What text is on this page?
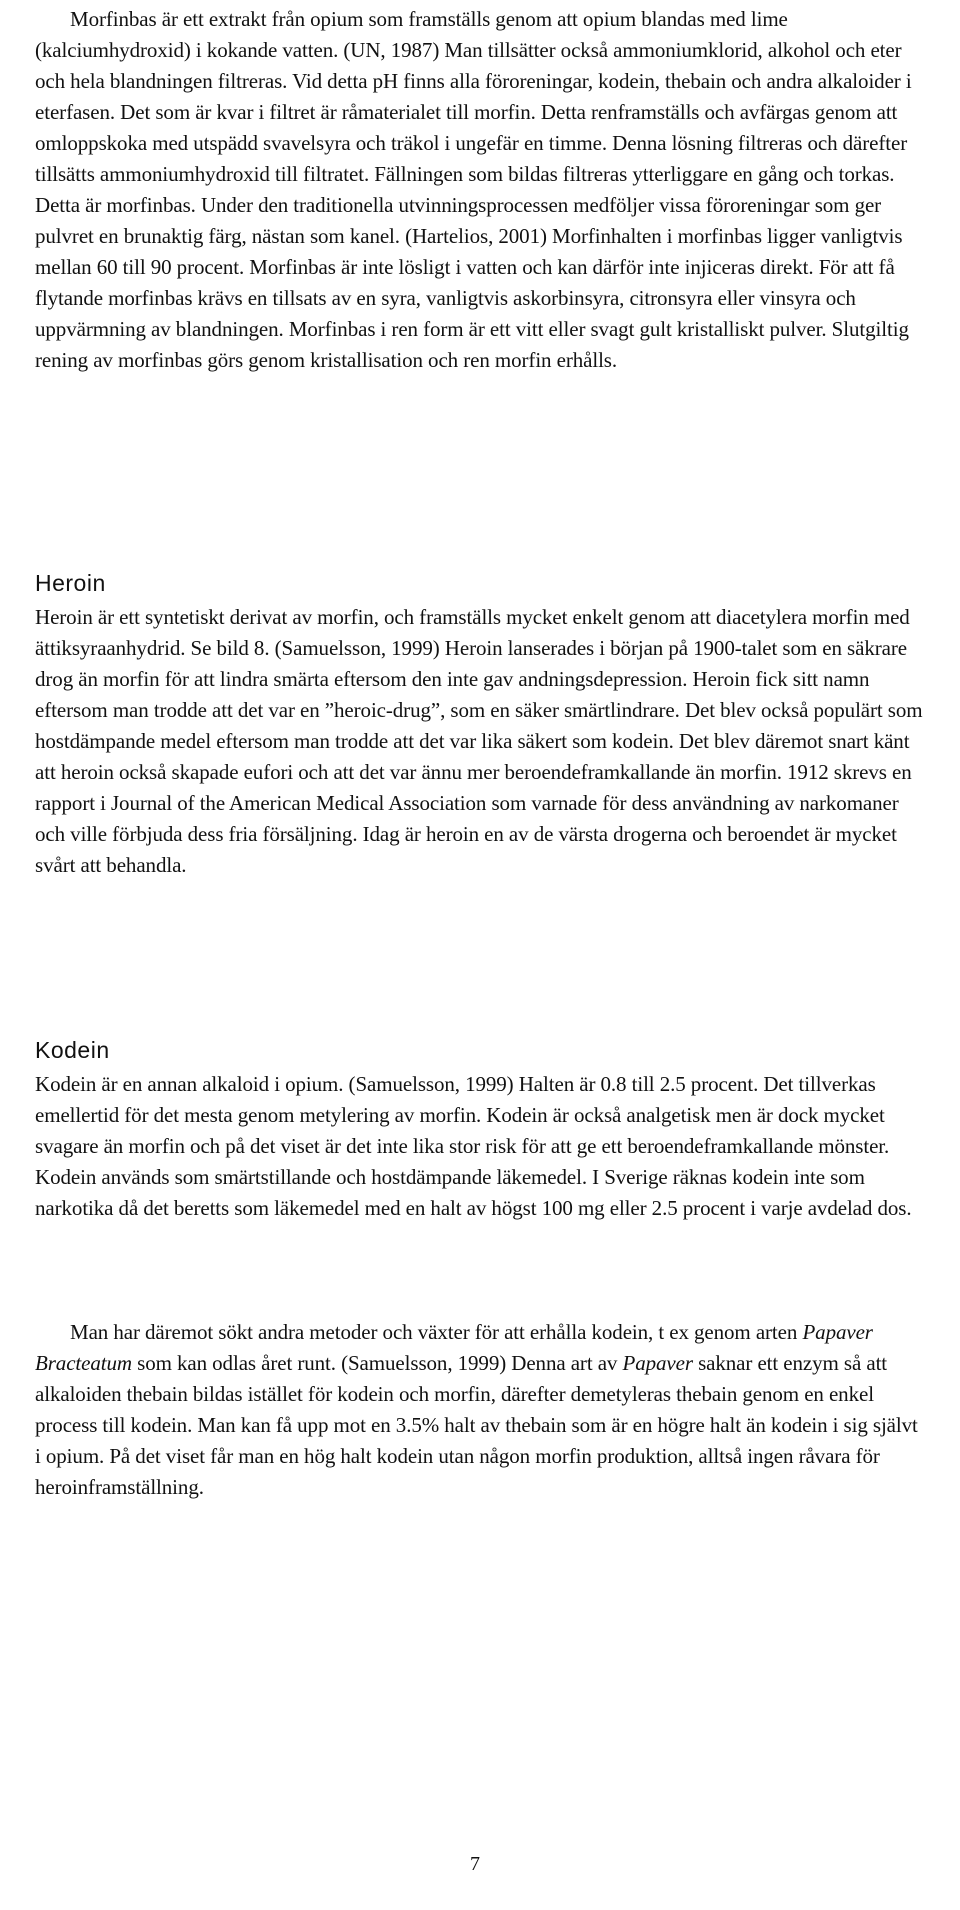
Morfinbas är ett extrakt från opium som framställs genom att opium blandas med lime (kalciumhydroxid) i kokande vatten. (UN, 1987) Man tillsätter också ammoniumklorid, alkohol och eter och hela blandningen filtreras. Vid detta pH finns alla föroreningar, kodein, thebain och andra alkaloider i eterfasen. Det som är kvar i filtret är råmaterialet till morfin. Detta renframställs och avfärgas genom att omloppskoka med utspädd svavelsyra och träkol i ungefär en timme. Denna lösning filtreras och därefter tillsätts ammoniumhydroxid till filtratet. Fällningen som bildas filtreras ytterliggare en gång och torkas. Detta är morfinbas. Under den traditionella utvinningsprocessen medföljer vissa föroreningar som ger pulvret en brunaktig färg, nästan som kanel. (Hartelios, 2001) Morfinhalten i morfinbas ligger vanligtvis mellan 60 till 90 procent. Morfinbas är inte lösligt i vatten och kan därför inte injiceras direkt. För att få flytande morfinbas krävs en tillsats av en syra, vanligtvis askorbinsyra, citronsyra eller vinsyra och uppvärmning av blandningen. Morfinbas i ren form är ett vitt eller svagt gult kristalliskt pulver. Slutgiltig rening av morfinbas görs genom kristallisation och ren morfin erhålls.

Heroin

Heroin är ett syntetiskt derivat av morfin, och framställs mycket enkelt genom att diacetylera morfin med ättiksyraanhydrid. Se bild 8. (Samuelsson, 1999) Heroin lanserades i början på 1900-talet som en säkrare drog än morfin för att lindra smärta eftersom den inte gav andningsdepression. Heroin fick sitt namn eftersom man trodde att det var en ”heroic-drug”, som en säker smärtlindrare. Det blev också populärt som hostdämpande medel eftersom man trodde att det var lika säkert som kodein. Det blev däremot snart känt att heroin också skapade eufori och att det var ännu mer beroendeframkallande än morfin. 1912 skrevs en rapport i Journal of the American Medical Association som varnade för dess användning av narkomaner och ville förbjuda dess fria försäljning. Idag är heroin en av de värsta drogerna och beroendet är mycket svårt att behandla.

Kodein

Kodein är en annan alkaloid i opium. (Samuelsson, 1999) Halten är 0.8 till 2.5 procent. Det tillverkas emellertid för det mesta genom metylering av morfin. Kodein är också analgetisk men är dock mycket svagare än morfin och på det viset är det inte lika stor risk för att ge ett beroendeframkallande mönster. Kodein används som smärtstillande och hostdämpande läkemedel. I Sverige räknas kodein inte som narkotika då det beretts som läkemedel med en halt av högst 100 mg eller 2.5 procent i varje avdelad dos.

Man har däremot sökt andra metoder och växter för att erhålla kodein, t ex genom arten Papaver Bracteatum som kan odlas året runt. (Samuelsson, 1999) Denna art av Papaver saknar ett enzym så att alkaloiden thebain bildas istället för kodein och morfin, därefter demetyleras thebain genom en enkel process till kodein. Man kan få upp mot en 3.5% halt av thebain som är en högre halt än kodein i sig självt i opium. På det viset får man en hög halt kodein utan någon morfin produktion, alltså ingen råvara för heroinframställning.

7
